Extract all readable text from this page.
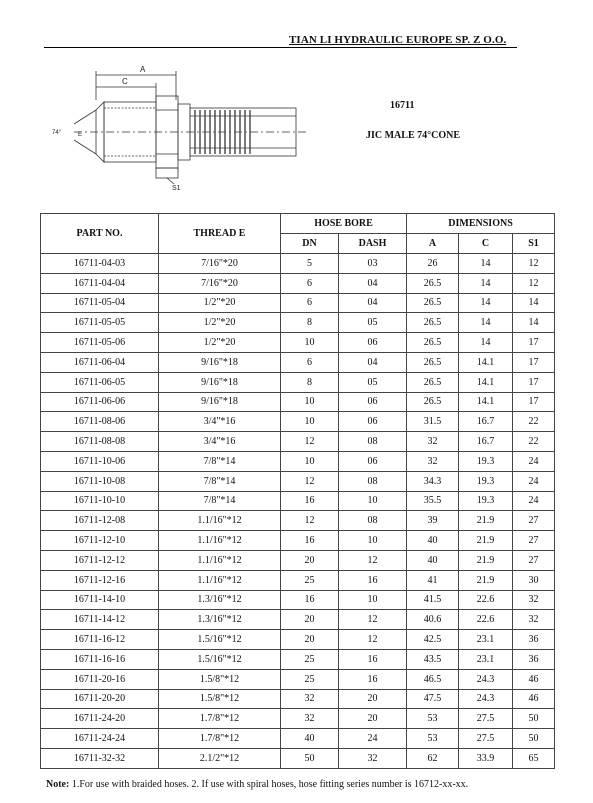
TIAN LI HYDRAULIC EUROPE SP. Z O.O.
A
C
S1
74°	E
16711
JIC MALE 74°CONE
PART NO.	THREAD E	HOSE BORE		DIMENSIONS		
		DN	DASH	A	C	S1
16711-04-03	7/16"*20	5	03	26	14	12
16711-04-04	7/16"*20	6	04	26.5	14	12
16711-05-04	1/2"*20	6	04	26.5	14	14
16711-05-05	1/2"*20	8	05	26.5	14	14
16711-05-06	1/2"*20	10	06	26.5	14	17
16711-06-04	9/16"*18	6	04	26.5	14.1	17
16711-06-05	9/16"*18	8	05	26.5	14.1	17
16711-06-06	9/16"*18	10	06	26.5	14.1	17
16711-08-06	3/4"*16	10	06	31.5	16.7	22
16711-08-08	3/4"*16	12	08	32	16.7	22
16711-10-06	7/8"*14	10	06	32	19.3	24
16711-10-08	7/8"*14	12	08	34.3	19.3	24
16711-10-10	7/8"*14	16	10	35.5	19.3	24
16711-12-08	1.1/16"*12	12	08	39	21.9	27
16711-12-10	1.1/16"*12	16	10	40	21.9	27
16711-12-12	1.1/16"*12	20	12	40	21.9	27
16711-12-16	1.1/16"*12	25	16	41	21.9	30
16711-14-10	1.3/16"*12	16	10	41.5	22.6	32
16711-14-12	1.3/16"*12	20	12	40.6	22.6	32
16711-16-12	1.5/16"*12	20	12	42.5	23.1	36
16711-16-16	1.5/16"*12	25	16	43.5	23.1	36
16711-20-16	1.5/8"*12	25	16	46.5	24.3	46
16711-20-20	1.5/8"*12	32	20	47.5	24.3	46
16711-24-20	1.7/8"*12	32	20	53	27.5	50
16711-24-24	1.7/8"*12	40	24	53	27.5	50
16711-32-32	2.1/2"*12	50	32	62	33.9	65
Note: 1.For use with braided hoses. 2. If use with spiral hoses, hose fitting series number is 16712-xx-xx.
